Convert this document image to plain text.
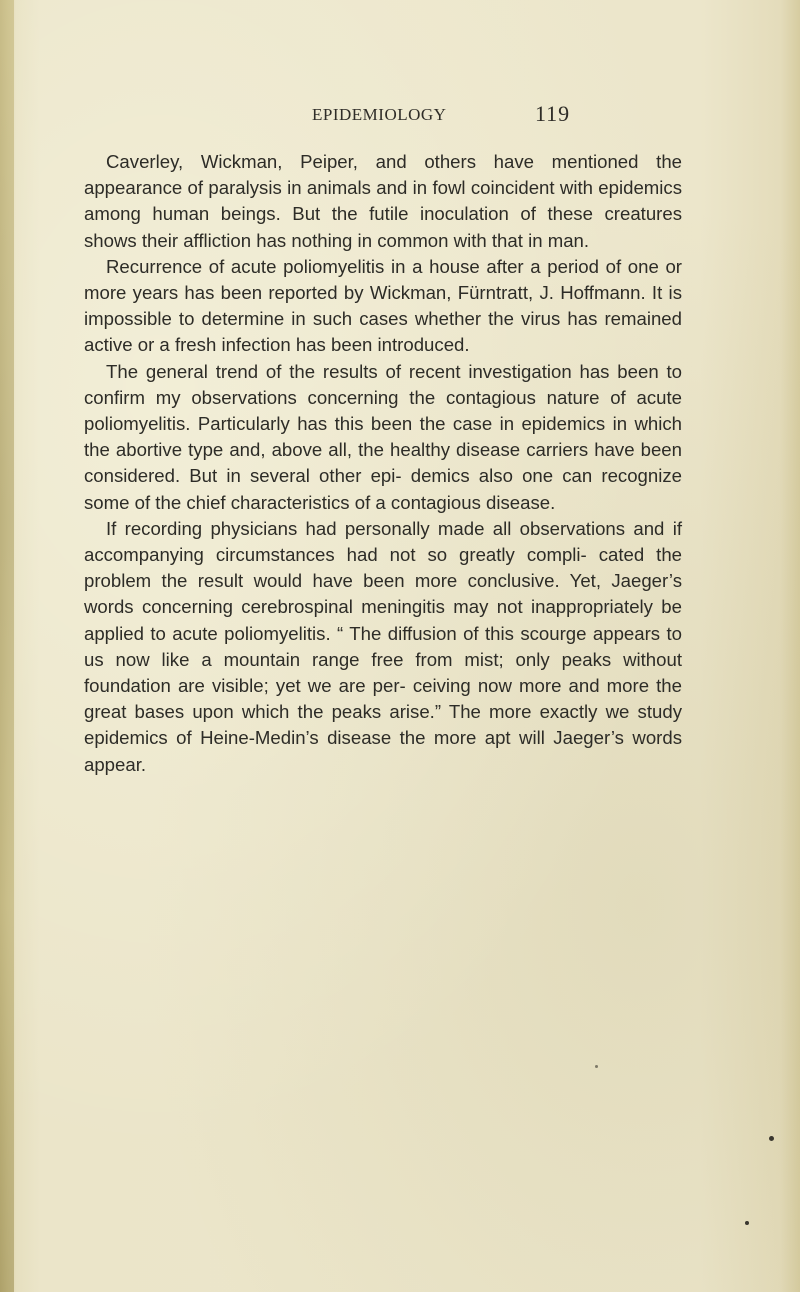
EPIDEMIOLOGY	119

Caverley, Wickman, Peiper, and others have mentioned the appearance of paralysis in animals and in fowl coincident with epidemics among human beings. But the futile inoculation of these creatures shows their affliction has nothing in common with that in man.

Recurrence of acute poliomyelitis in a house after a period of one or more years has been reported by Wickman, Fürntratt, J. Hoffmann. It is impossible to determine in such cases whether the virus has remained active or a fresh infection has been introduced.

The general trend of the results of recent investigation has been to confirm my observations concerning the contagious nature of acute poliomyelitis. Particularly has this been the case in epidemics in which the abortive type and, above all, the healthy disease carriers have been considered. But in several other epi- demics also one can recognize some of the chief characteristics of a contagious disease.

If recording physicians had personally made all observations and if accompanying circumstances had not so greatly compli- cated the problem the result would have been more conclusive. Yet, Jaeger’s words concerning cerebrospinal meningitis may not inappropriately be applied to acute poliomyelitis. “ The diffusion of this scourge appears to us now like a mountain range free from mist; only peaks without foundation are visible; yet we are per- ceiving now more and more the great bases upon which the peaks arise.” The more exactly we study epidemics of Heine-Medin’s disease the more apt will Jaeger’s words appear.
